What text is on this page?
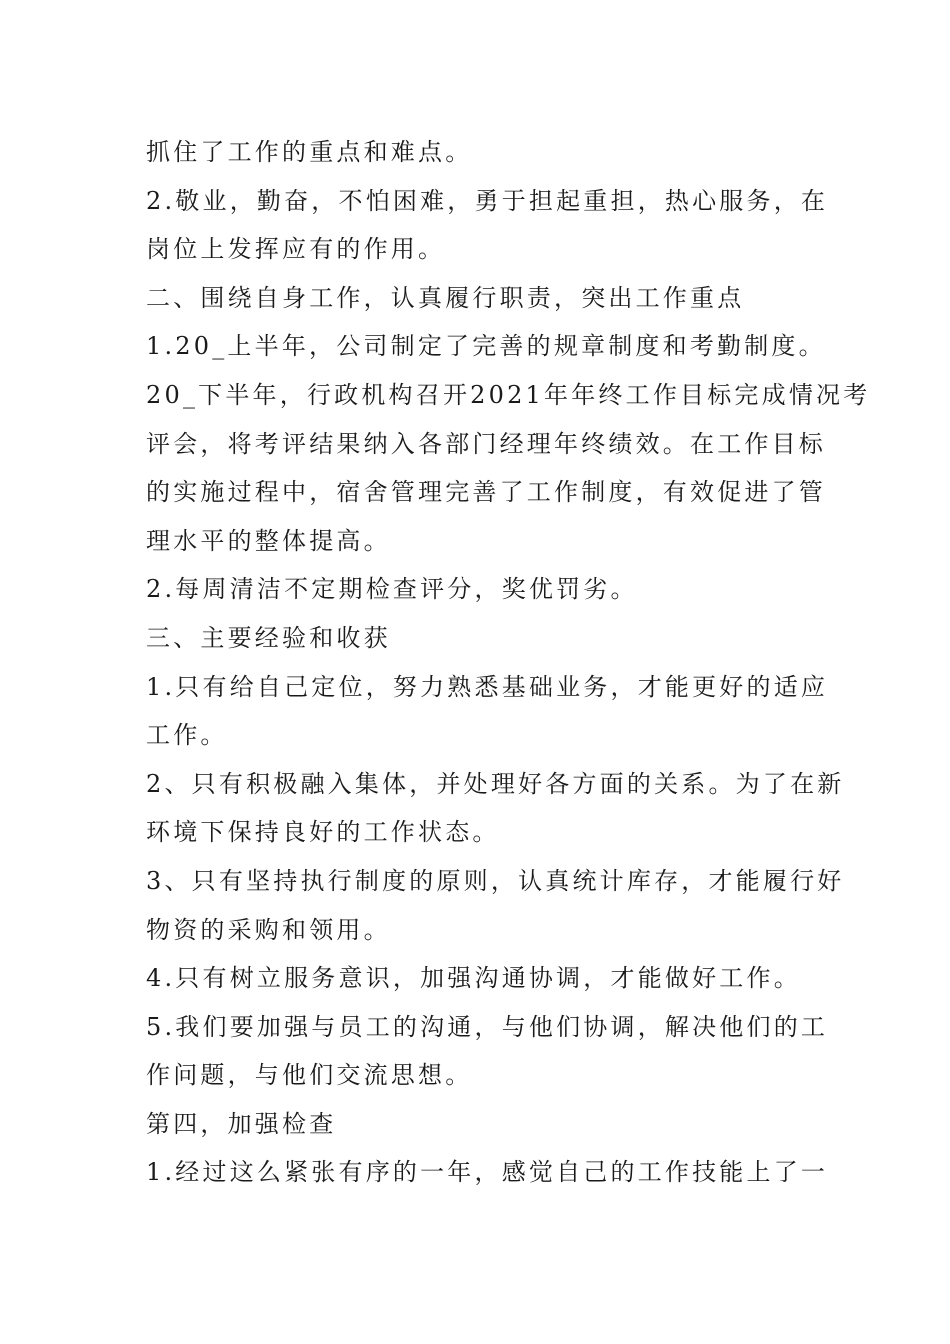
抓住了工作的重点和难点。

2.敬业，勤奋，不怕困难，勇于担起重担，热心服务，在

岗位上发挥应有的作用。

二、围绕自身工作，认真履行职责，突出工作重点

1.20_上半年，公司制定了完善的规章制度和考勤制度。

20_下半年，行政机构召开2021年年终工作目标完成情况考

评会，将考评结果纳入各部门经理年终绩效。在工作目标

的实施过程中，宿舍管理完善了工作制度，有效促进了管

理水平的整体提高。

2.每周清洁不定期检查评分，奖优罚劣。

三、主要经验和收获

1.只有给自己定位，努力熟悉基础业务，才能更好的适应

工作。

2、只有积极融入集体，并处理好各方面的关系。为了在新

环境下保持良好的工作状态。

3、只有坚持执行制度的原则，认真统计库存，才能履行好

物资的采购和领用。

4.只有树立服务意识，加强沟通协调，才能做好工作。

5.我们要加强与员工的沟通，与他们协调，解决他们的工

作问题，与他们交流思想。

第四，加强检查

1.经过这么紧张有序的一年，感觉自己的工作技能上了一
